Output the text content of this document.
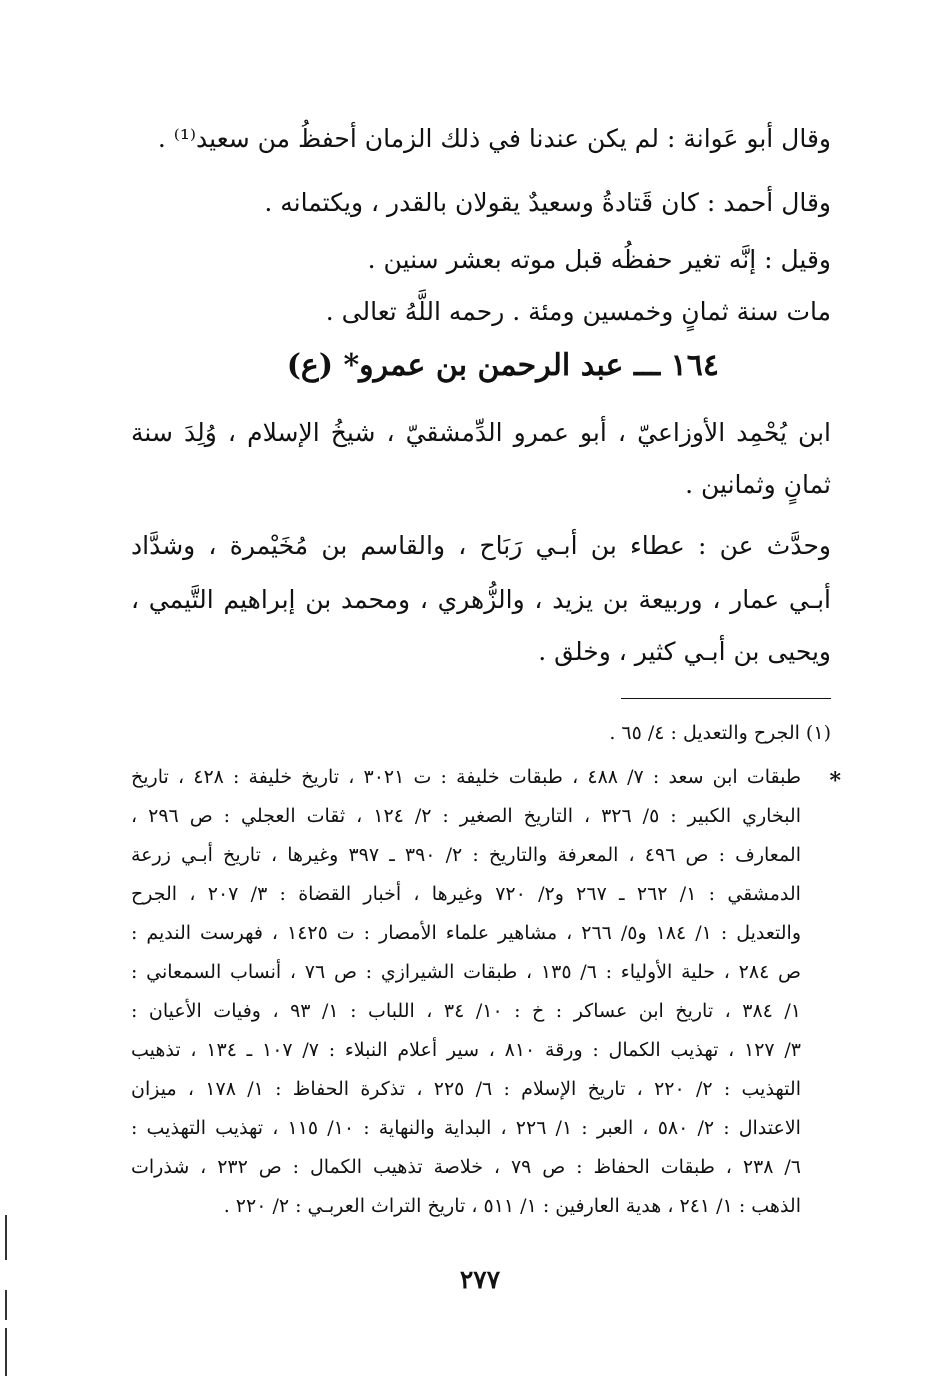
وقال أبو عَوانة : لم يكن عندنا في ذلك الزمان أحفظُ من سعيد⁽¹⁾ .
وقال أحمد : كان قَتادةُ وسعيدٌ يقولان بالقدر ، ويكتمانه .
وقيل : إنَّه تغير حفظُه قبل موته بعشر سنين .
مات سنة ثمانٍ وخمسين ومئة . رحمه اللَّهُ تعالى .
١٦٤ ـــ عبد الرحمن بن عمرو* (ع)
ابن يُحْمِد الأوزاعيّ ، أبو عمرو الدِّمشقيّ ، شيخُ الإسلام ، وُلِدَ سنة
ثمانٍ وثمانين .
وحدَّث عن : عطاء بن أبـي رَبَاح ، والقاسم بن مُخَيْمرة ، وشدَّاد
أبـي عمار ، وربيعة بن يزيد ، والزُّهري ، ومحمد بن إبراهيم التَّيمي ،
ويحيى بن أبـي كثير ، وخلق .
(١) الجرح والتعديل : ٤/ ٦٥ .
*
طبقات ابن سعد : ٧/ ٤٨٨ ، طبقات خليفة : ت ٣٠٢١ ، تاريخ خليفة : ٤٢٨ ، تاريخ
البخاري الكبير : ٥/ ٣٢٦ ، التاريخ الصغير : ٢/ ١٢٤ ، ثقات العجلي : ص ٢٩٦ ،
المعارف : ص ٤٩٦ ، المعرفة والتاريخ : ٢/ ٣٩٠ ـ ٣٩٧ وغيرها ، تاريخ أبـي زرعة
الدمشقي : ١/ ٢٦٢ ـ ٢٦٧ و٢/ ٧٢٠ وغيرها ، أخبار القضاة : ٣/ ٢٠٧ ، الجرح
والتعديل : ١/ ١٨٤ و٥/ ٢٦٦ ، مشاهير علماء الأمصار : ت ١٤٢٥ ، فهرست النديم :
ص ٢٨٤ ، حلية الأولياء : ٦/ ١٣٥ ، طبقات الشيرازي : ص ٧٦ ، أنساب السمعاني :
١/ ٣٨٤ ، تاريخ ابن عساكر : خ : ١٠/ ٣٤ ، اللباب : ١/ ٩٣ ، وفيات الأعيان :
٣/ ١٢٧ ، تهذيب الكمال : ورقة ٨١٠ ، سير أعلام النبلاء : ٧/ ١٠٧ ـ ١٣٤ ، تذهيب
التهذيب : ٢/ ٢٢٠ ، تاريخ الإسلام : ٦/ ٢٢٥ ، تذكرة الحفاظ : ١/ ١٧٨ ، ميزان
الاعتدال : ٢/ ٥٨٠ ، العبر : ١/ ٢٢٦ ، البداية والنهاية : ١٠/ ١١٥ ، تهذيب التهذيب :
٦/ ٢٣٨ ، طبقات الحفاظ : ص ٧٩ ، خلاصة تذهيب الكمال : ص ٢٣٢ ، شذرات
الذهب : ١/ ٢٤١ ، هدية العارفين : ١/ ٥١١ ، تاريخ التراث العربـي : ٢/ ٢٢٠ .
٢٧٧
